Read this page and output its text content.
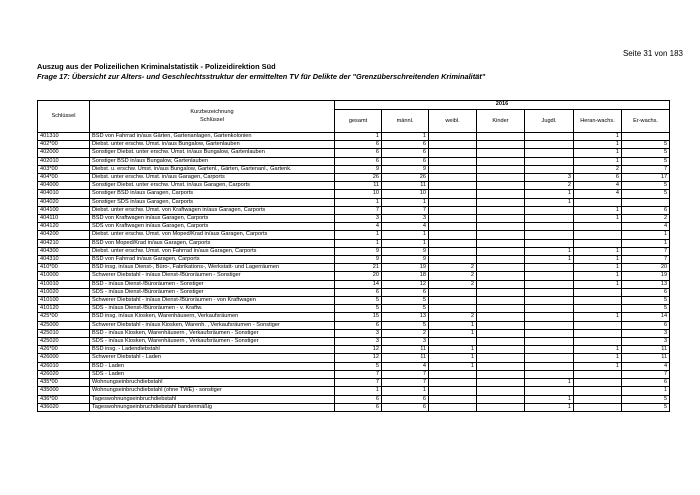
Seite 31 von 183
Auszug aus der Polizeilichen Kriminalstatistik - Polizeidirektion Süd
Frage 17: Übersicht zur Alters- und Geschlechtsstruktur der ermittelten TV für Delikte der "Grenzüberschreitenden Kriminalität"
Schlüssel	Kurzbezeichnung
Schlüssel	2016						
		gesamt	männl.	weibl.	Kinder	Jugdl.	Heran-wachs.	Er-wachs.
401310	BSD von Fahrrad in/aus Gärten, Gartenanlagen, Gartenkolonien	1	1				1	
402*00	Diebst. unter erschw. Umst. in/aus Bungalow, Gartenlauben	6	6				1	5
402000	Sonstiger Diebst. unter erschw. Umst. in/aus Bungalow, Gartenlauben	6	6				1	5
402010	Sonstiger BSD in/aus Bungalow, Gartenlauben	6	6				1	5
403*00	Diebst. u. erschw. Umst. in/aus Bungalow, Gartenl., Gärten, Gartenanl., Gartenk.	9	9				2	7
404*00	Diebst. unter erschw. Umst. in/aus Garagen, Carports	26	26			3	6	17
404000	Sonstiger Diebst. unter erschw. Umst. in/aus Garagen, Carports	11	11			2	4	5
404010	Sonstiger BSD in/aus Garagen, Carports	10	10			1	4	5
404020	Sonstiger SDS in/aus Garagen, Carports	1	1			1		
404100	Diebst. unter erschw. Umst. von Kraftwagen in/aus Garagen, Carports	7	7				1	6
404110	BSD von Kraftwagen in/aus Garagen, Carports	3	3				1	2
404120	SDS von Kraftwagen in/aus Garagen, Carports	4	4					4
404200	Diebst. unter erschw. Umst. von Moped/Krad in/aus Garagen, Carports	1	1					1
404210	BSD von Moped/Krad in/aus Garagen, Carports	1	1					1
404300	Diebst. unter erschw. Umst. von Fahrrad in/aus Garagen, Carports	9	9			1	1	7
404310	BSD von Fahrrad in/aus Garagen, Carports	9	9			1	1	7
410*00	BSD insg. in/aus Dienst-, Büro-, Fabrikations-, Werkstatt- und Lagerräumen	21	19	2			1	20
410000	Schwerer Diebstahl - in/aus Dienst-/Büroräumen - Sonstiger	20	18	2			1	19
410010	BSD - in/aus Dienst-/Büroräumen - Sonstiger	14	12	2			1	13
410020	SDS - in/aus Dienst-/Büroräumen - Sonstiger	6	6					6
410100	Schwerer Diebstahl - in/aus Dienst-/Büroräumen - von Kraftwagen	5	5					5
410120	SDS - in/aus Dienst-/Büroräumen - v. Kraftw.	5	5					5
425*00	BSD insg. in/aus Kiosken, Warenhäusern, Verkaufsräumen	15	13	2			1	14
425000	Schwerer Diebstahl - in/aus Kiosken, Warenh. , Verkaufsräumen - Sonstiger	6	5	1				6
425010	BSD - in/aus Kiosken, Warenhäusern , Verkaufsräumen - Sonstiger	3	2	1				3
425020	SDS - in/aus Kiosken, Warenhäusern , Verkaufsräumen - Sonstiger	3	3					3
426*00	BSD insg. - Ladendiebstahl	12	11	1			1	11
426000	Schwerer Diebstahl - Laden	12	11	1			1	11
426010	BSD - Laden	5	4	1			1	4
426020	SDS - Laden	7	7					7
435*00	Wohnungseinbruchdiebstahl	7	7			1		6
435000	Wohnungseinbruchdiebstahl (ohne TWE) - sonstiger	1	1					1
436*00	Tageswohnungseinbruchdiebstahl	6	6			1		5
436020	Tageswohnungseinbruchdiebstahl bandenmäßig	6	6			1		5
